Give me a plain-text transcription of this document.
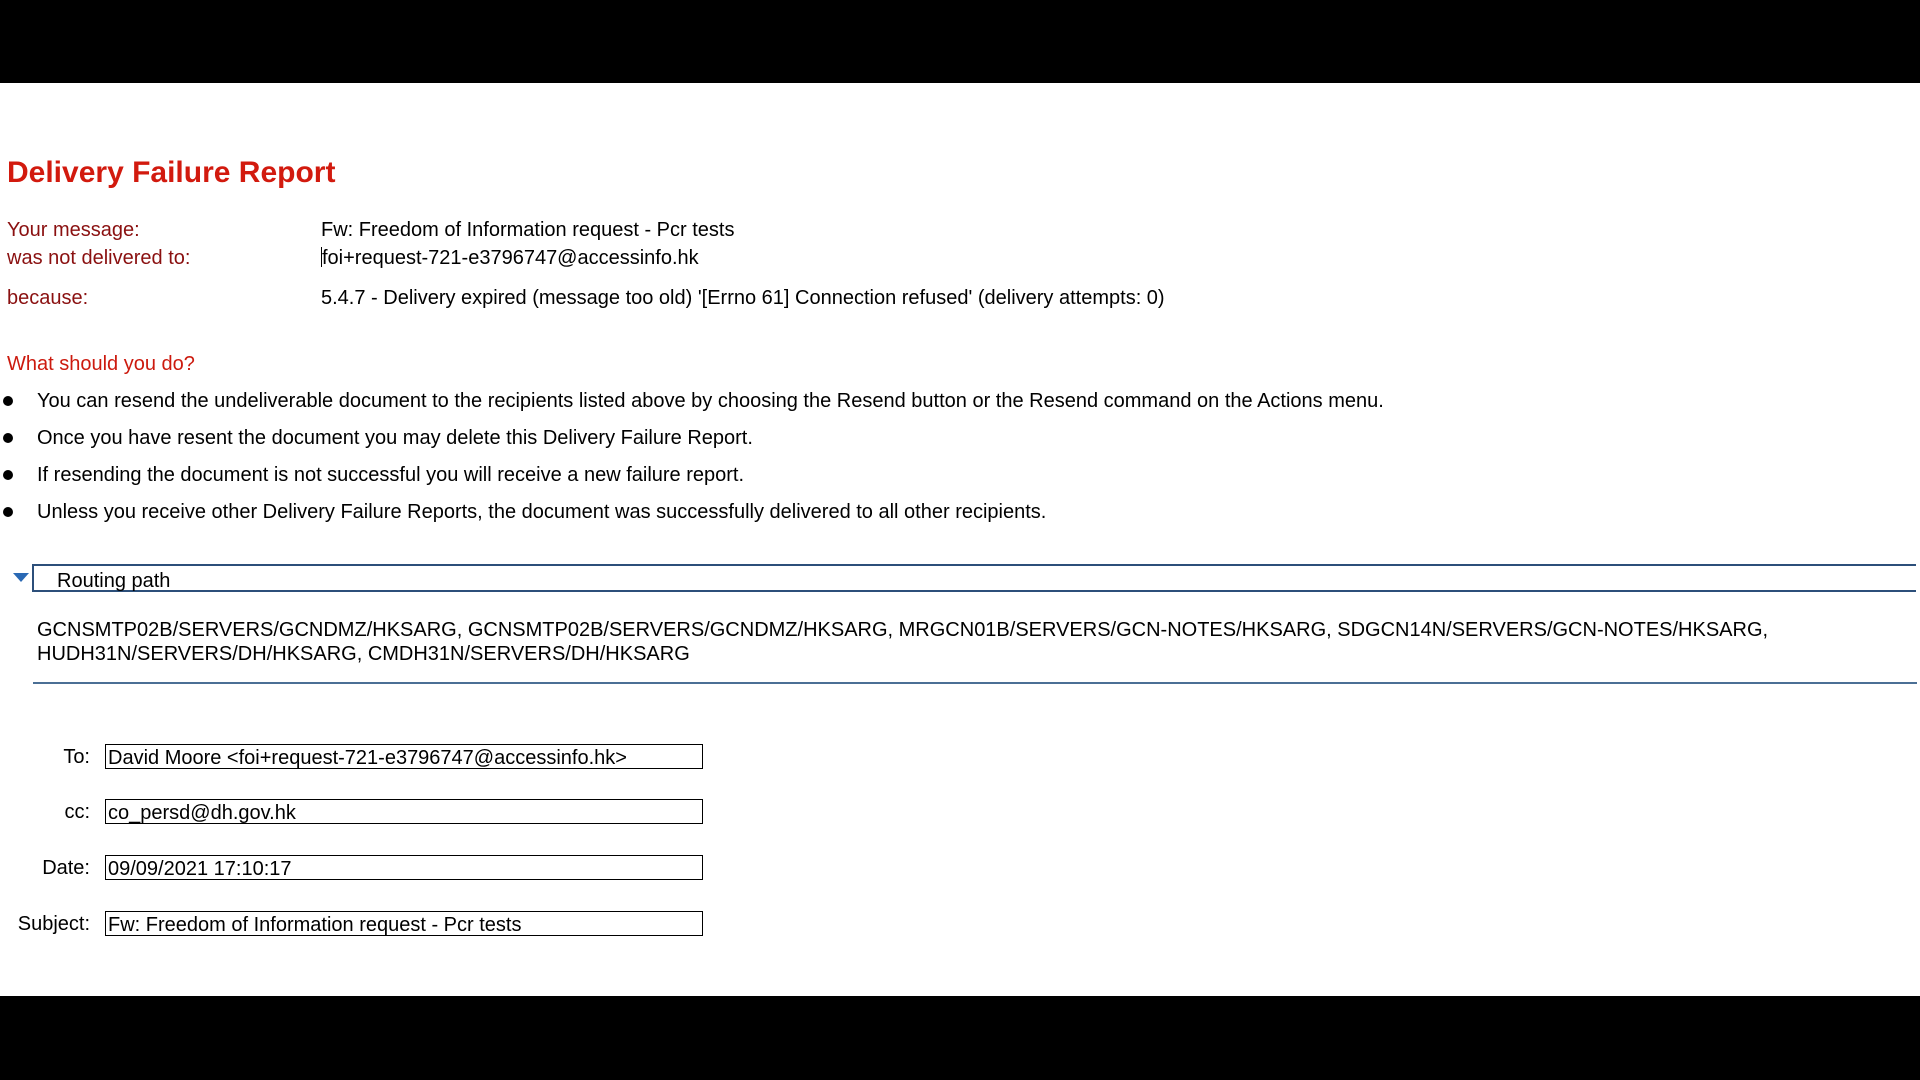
Delivery Failure Report
Your message:	Fw: Freedom of Information request - Pcr tests
was not delivered to:	foi+request-721-e3796747@accessinfo.hk
because:	5.4.7 - Delivery expired (message too old) '[Errno 61] Connection refused' (delivery attempts: 0)
What should you do?
You can resend the undeliverable document to the recipients listed above by choosing the Resend button or the Resend command on the Actions menu.
Once you have resent the document you may delete this Delivery Failure Report.
If resending the document is not successful you will receive a new failure report.
Unless you receive other Delivery Failure Reports, the document was successfully delivered to all other recipients.
Routing path
GCNSMTP02B/SERVERS/GCNDMZ/HKSARG, GCNSMTP02B/SERVERS/GCNDMZ/HKSARG, MRGCN01B/SERVERS/GCN-NOTES/HKSARG, SDGCN14N/SERVERS/GCN-NOTES/HKSARG, HUDH31N/SERVERS/DH/HKSARG, CMDH31N/SERVERS/DH/HKSARG
To: David Moore <foi+request-721-e3796747@accessinfo.hk>
cc: co_persd@dh.gov.hk
Date: 09/09/2021 17:10:17
Subject: Fw: Freedom of Information request - Pcr tests
